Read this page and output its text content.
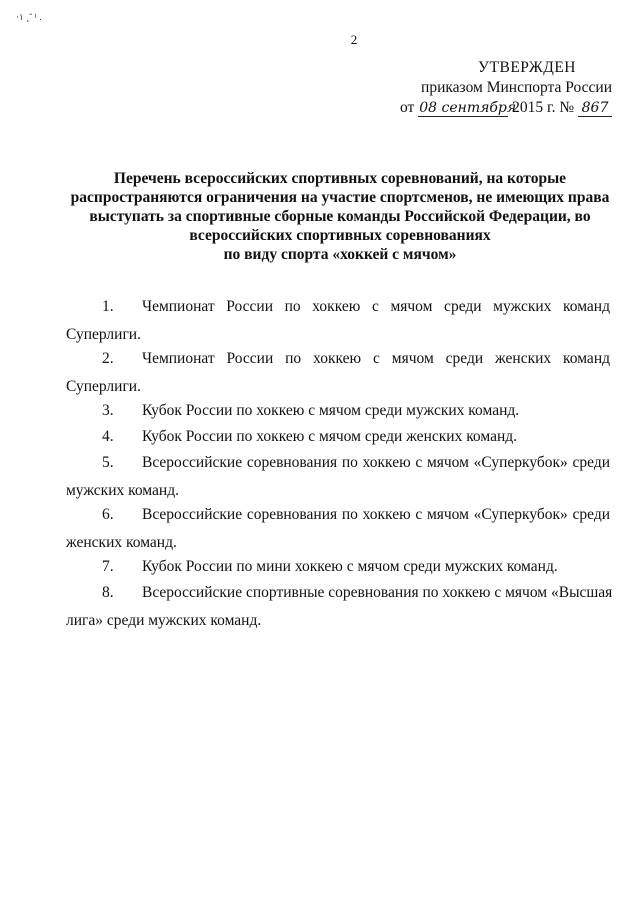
·١ ¸ˆ ¹ .
2
УТВЕРЖДЕН
приказом Минспорта России
от 08 сентября 2015 г. № 867
Перечень всероссийских спортивных соревнований, на которые
распространяются ограничения на участие спортсменов, не имеющих права
выступать за спортивные сборные команды Российской Федерации, во
всероссийских спортивных соревнованиях
по виду спорта «хоккей с мячом»
1.	Чемпионат России по хоккею с мячом среди мужских команд
Суперлиги.
2.	Чемпионат России по хоккею с мячом среди женских команд
Суперлиги.
3.	Кубок России по хоккею с мячом среди мужских команд.
4.	Кубок России по хоккею с мячом среди женских команд.
5.	Всероссийские соревнования по хоккею с мячом «Суперкубок» среди
мужских команд.
6.	Всероссийские соревнования по хоккею с мячом «Суперкубок» среди
женских команд.
7.	Кубок России по мини хоккею с мячом среди мужских команд.
8.	Всероссийские спортивные соревнования по хоккею с мячом «Высшая
лига» среди мужских команд.
